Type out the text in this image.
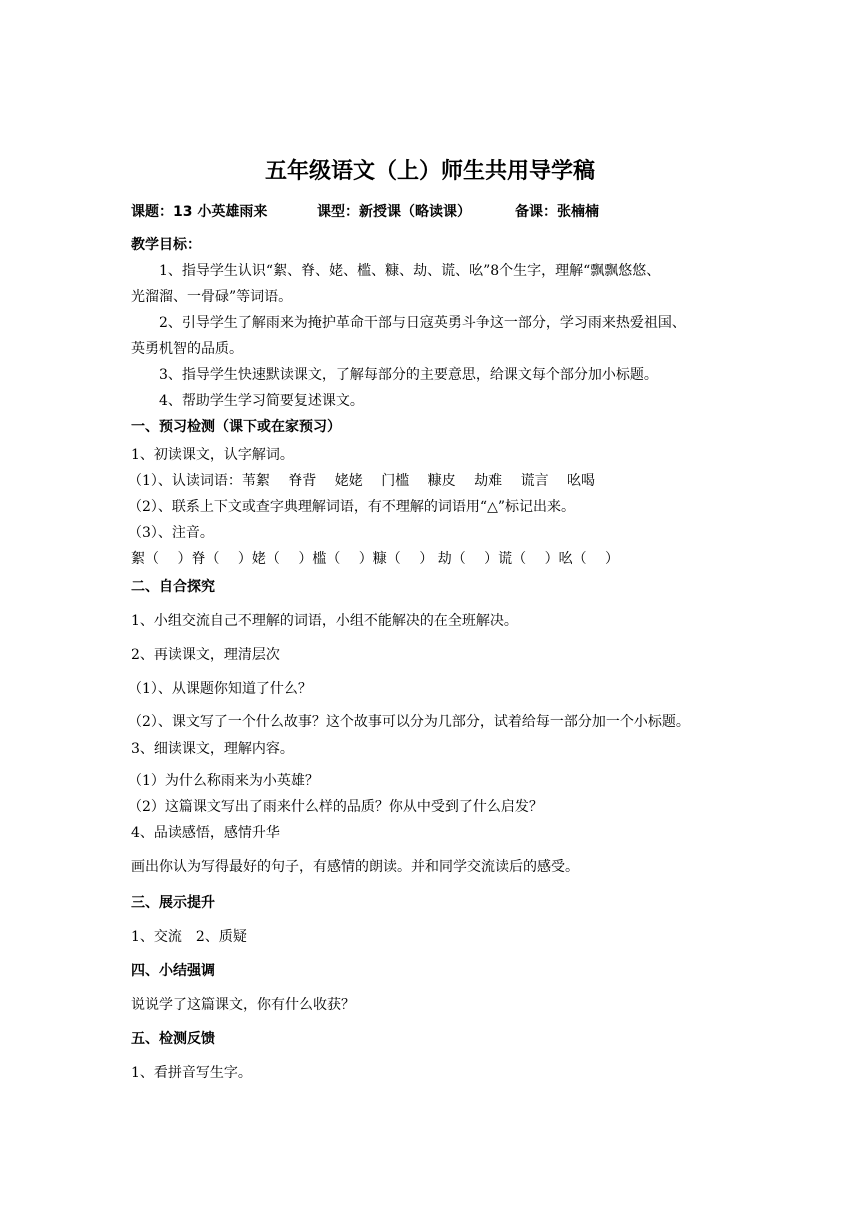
五年级语文（上）师生共用导学稿
课题：13 小英雄雨来	课型：新授课（略读课）	备课：张楠楠
教学目标：
1、指导学生认识“絮、脊、姥、槛、糠、劫、谎、吆”8个生字，理解“飘飘悠悠、
光溜溜、一骨碌”等词语。
2、引导学生了解雨来为掩护革命干部与日寇英勇斗争这一部分，学习雨来热爱祖国、
英勇机智的品质。
3、指导学生快速默读课文，了解每部分的主要意思，给课文每个部分加小标题。
4、帮助学生学习简要复述课文。
一、预习检测（课下或在家预习）
1、初读课文，认字解词。
（1）、认读词语：苇絮　 脊背　 姥姥　 门槛　 糠皮　 劫难　 谎言　 吆喝
（2）、联系上下文或查字典理解词语，有不理解的词语用“△”标记出来。
（3）、注音。
絮（　 ）脊（　 ）姥（　 ）槛（　 ）糠（　 ） 劫（　 ）谎（　 ）吆（　 ）
二、自合探究
1、小组交流自己不理解的词语，小组不能解决的在全班解决。
2、再读课文，理清层次
（1）、从课题你知道了什么？
（2）、课文写了一个什么故事？这个故事可以分为几部分，试着给每一部分加一个小标题。
3、细读课文，理解内容。
（1）为什么称雨来为小英雄？
（2）这篇课文写出了雨来什么样的品质？你从中受到了什么启发？
4、品读感悟，感情升华
画出你认为写得最好的句子，有感情的朗读。并和同学交流读后的感受。
三、展示提升
1、交流　2、质疑
四、小结强调
说说学了这篇课文，你有什么收获？
五、检测反馈
1、看拼音写生字。
